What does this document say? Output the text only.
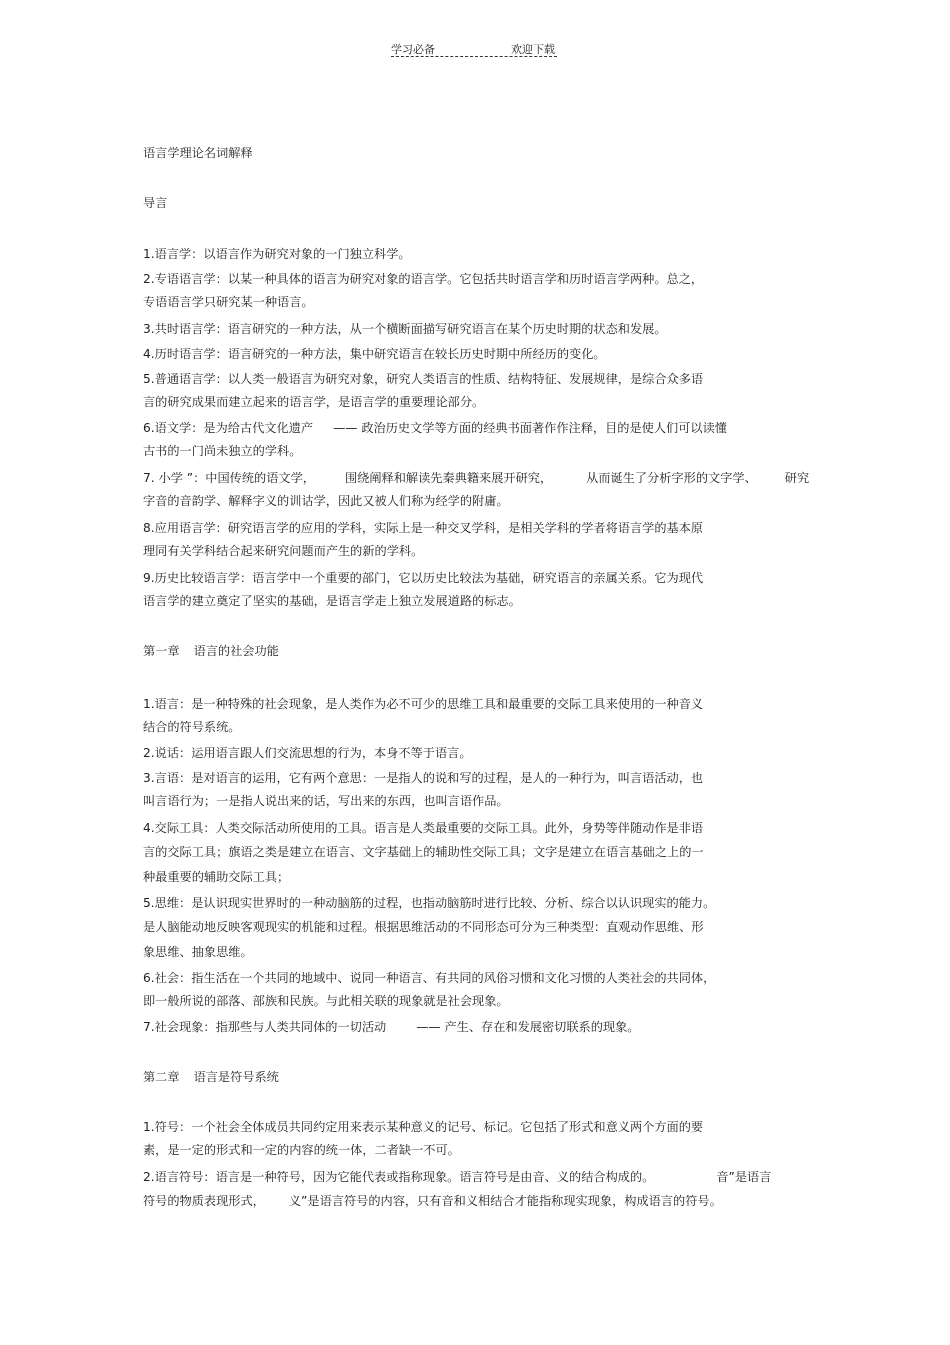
学习必备	欢迎下载
语言学理论名词解释
导言
1.语言学：以语言作为研究对象的一门独立科学。
2.专语语言学：以某一种具体的语言为研究对象的语言学。它包括共时语言学和历时语言学两种。总之，
专语语言学只研究某一种语言。
3.共时语言学：语言研究的一种方法，从一个横断面描写研究语言在某个历史时期的状态和发展。
4.历时语言学：语言研究的一种方法，集中研究语言在较长历史时期中所经历的变化。
5.普通语言学：以人类一般语言为研究对象，研究人类语言的性质、结构特征、发展规律，是综合众多语
言的研究成果而建立起来的语言学，是语言学的重要理论部分。
6.语文学：是为给古代文化遗产 —— 政治历史文学等方面的经典书面著作作注释，目的是使人们可以读懂
古书的一门尚未独立的学科。
7. 小学 ”：中国传统的语文学， 围绕阐释和解读先秦典籍来展开研究，	从而诞生了分析字形的文字学、 研究
字音的音韵学、解释字义的训诂学，因此又被人们称为经学的附庸。
8.应用语言学：研究语言学的应用的学科，实际上是一种交叉学科，是相关学科的学者将语言学的基本原
理同有关学科结合起来研究问题而产生的新的学科。
9.历史比较语言学：语言学中一个重要的部门，它以历史比较法为基础，研究语言的亲属关系。它为现代
语言学的建立奠定了坚实的基础，是语言学走上独立发展道路的标志。
第一章 语言的社会功能
1.语言：是一种特殊的社会现象，是人类作为必不可少的思维工具和最重要的交际工具来使用的一种音义
结合的符号系统。
2.说话：运用语言跟人们交流思想的行为，本身不等于语言。
3.言语：是对语言的运用，它有两个意思：一是指人的说和写的过程，是人的一种行为，叫言语活动，也
叫言语行为；一是指人说出来的话，写出来的东西，也叫言语作品。
4.交际工具：人类交际活动所使用的工具。语言是人类最重要的交际工具。此外，身势等伴随动作是非语
言的交际工具；旗语之类是建立在语言、文字基础上的辅助性交际工具；文字是建立在语言基础之上的一
种最重要的辅助交际工具；
5.思维：是认识现实世界时的一种动脑筋的过程，也指动脑筋时进行比较、分析、综合以认识现实的能力。
是人脑能动地反映客观现实的机能和过程。根据思维活动的不同形态可分为三种类型：直观动作思维、形
象思维、抽象思维。
6.社会：指生活在一个共同的地域中、说同一种语言、有共同的风俗习惯和文化习惯的人类社会的共同体，
即一般所说的部落、部族和民族。与此相关联的现象就是社会现象。
7.社会现象：指那些与人类共同体的一切活动 —— 产生、存在和发展密切联系的现象。
第二章 语言是符号系统
1.符号：一个社会全体成员共同约定用来表示某种意义的记号、标记。它包括了形式和意义两个方面的要
素，是一定的形式和一定的内容的统一体，二者缺一不可。
2.语言符号：语言是一种符号，因为它能代表或指称现象。语言符号是由音、义的结合构成的。	音”是语言
符号的物质表现形式， 义”是语言符号的内容，只有音和义相结合才能指称现实现象，构成语言的符号。
